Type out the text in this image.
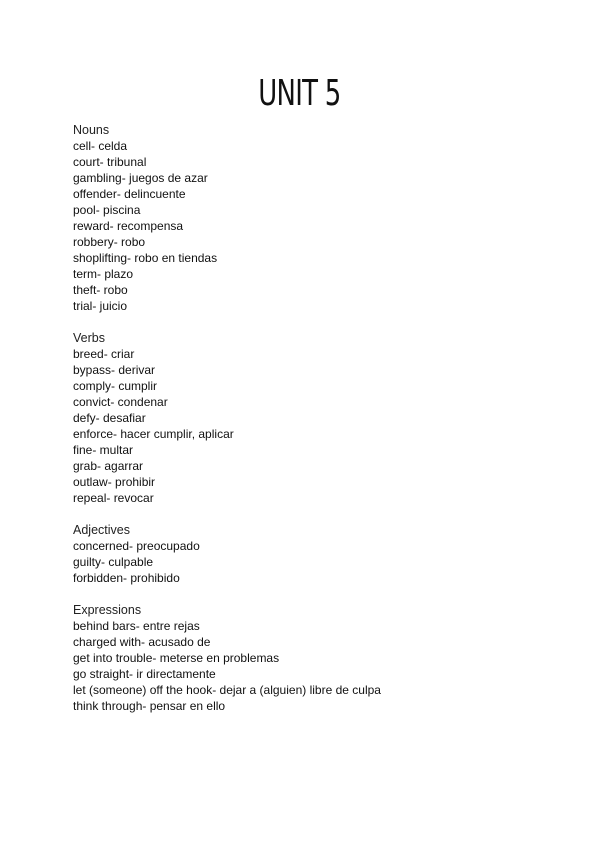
UNIT 5
Nouns
cell- celda
court- tribunal
gambling- juegos de azar
offender- delincuente
pool- piscina
reward- recompensa
robbery- robo
shoplifting- robo en tiendas
term- plazo
theft- robo
trial- juicio
Verbs
breed- criar
bypass- derivar
comply- cumplir
convict- condenar
defy- desafiar
enforce- hacer cumplir, aplicar
fine- multar
grab- agarrar
outlaw- prohibir
repeal- revocar
Adjectives
concerned- preocupado
guilty- culpable
forbidden- prohibido
Expressions
behind bars- entre rejas
charged with- acusado de
get into trouble- meterse en problemas
go straight- ir directamente
let (someone) off the hook- dejar a (alguien) libre de culpa
think through- pensar en ello
